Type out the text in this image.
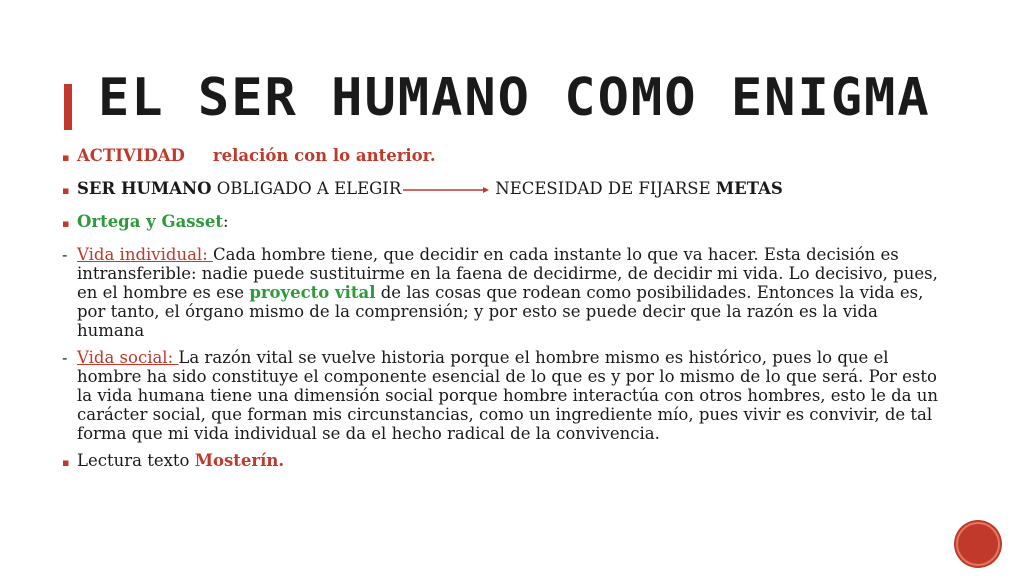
EL SER HUMANO COMO ENIGMA
▪ ACTIVIDAD relación con lo anterior.
▪ SER HUMANO OBLIGADO A ELEGIR	NECESIDAD DE FIJARSE METAS
▪ Ortega y Gasset:
- Vida individual: Cada hombre tiene, que decidir en cada instante lo que va hacer. Esta decisión es intransferible: nadie puede sustituirme en la faena de decidirme, de decidir mi vida. Lo decisivo, pues, en el hombre es ese proyecto vital de las cosas que rodean como posibilidades. Entonces la vida es, por tanto, el órgano mismo de la comprensión; y por esto se puede decir que la razón es la vida humana
- Vida social: La razón vital se vuelve historia porque el hombre mismo es histórico, pues lo que el hombre ha sido constituye el componente esencial de lo que es y por lo mismo de lo que será. Por esto la vida humana tiene una dimensión social porque hombre interactúa con otros hombres, esto le da un carácter social, que forman mis circunstancias, como un ingrediente mío, pues vivir es convivir, de tal forma que mi vida individual se da el hecho radical de la convivencia.
▪ Lectura texto Mosterín.
